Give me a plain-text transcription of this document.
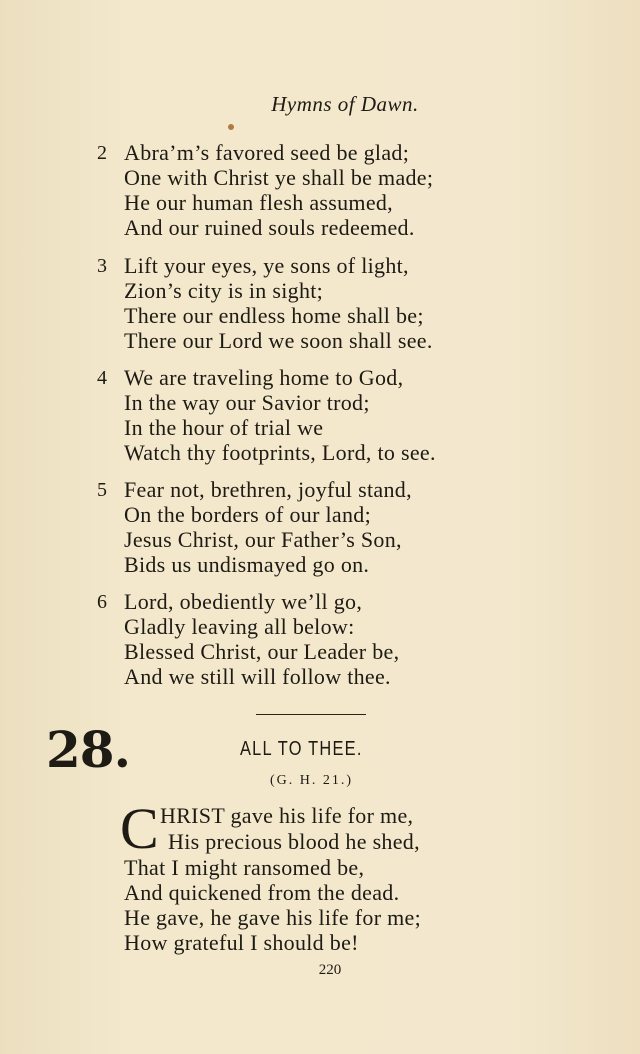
Hymns of Dawn.
2 Abra’m’s favored seed be glad;
One with Christ ye shall be made;
He our human flesh assumed,
And our ruined souls redeemed.
3 Lift your eyes, ye sons of light,
Zion’s city is in sight;
There our endless home shall be;
There our Lord we soon shall see.
4 We are traveling home to God,
In the way our Savior trod;
In the hour of trial we
Watch thy footprints, Lord, to see.
5 Fear not, brethren, joyful stand,
On the borders of our land;
Jesus Christ, our Father’s Son,
Bids us undismayed go on.
6 Lord, obediently we’ll go,
Gladly leaving all below:
Blessed Christ, our Leader be,
And we still will follow thee.
28.	ALL TO THEE.
(G. H. 21.)
C HRIST gave his life for me,
His precious blood he shed,
That I might ransomed be,
And quickened from the dead.
He gave, he gave his life for me;
How grateful I should be!
220
